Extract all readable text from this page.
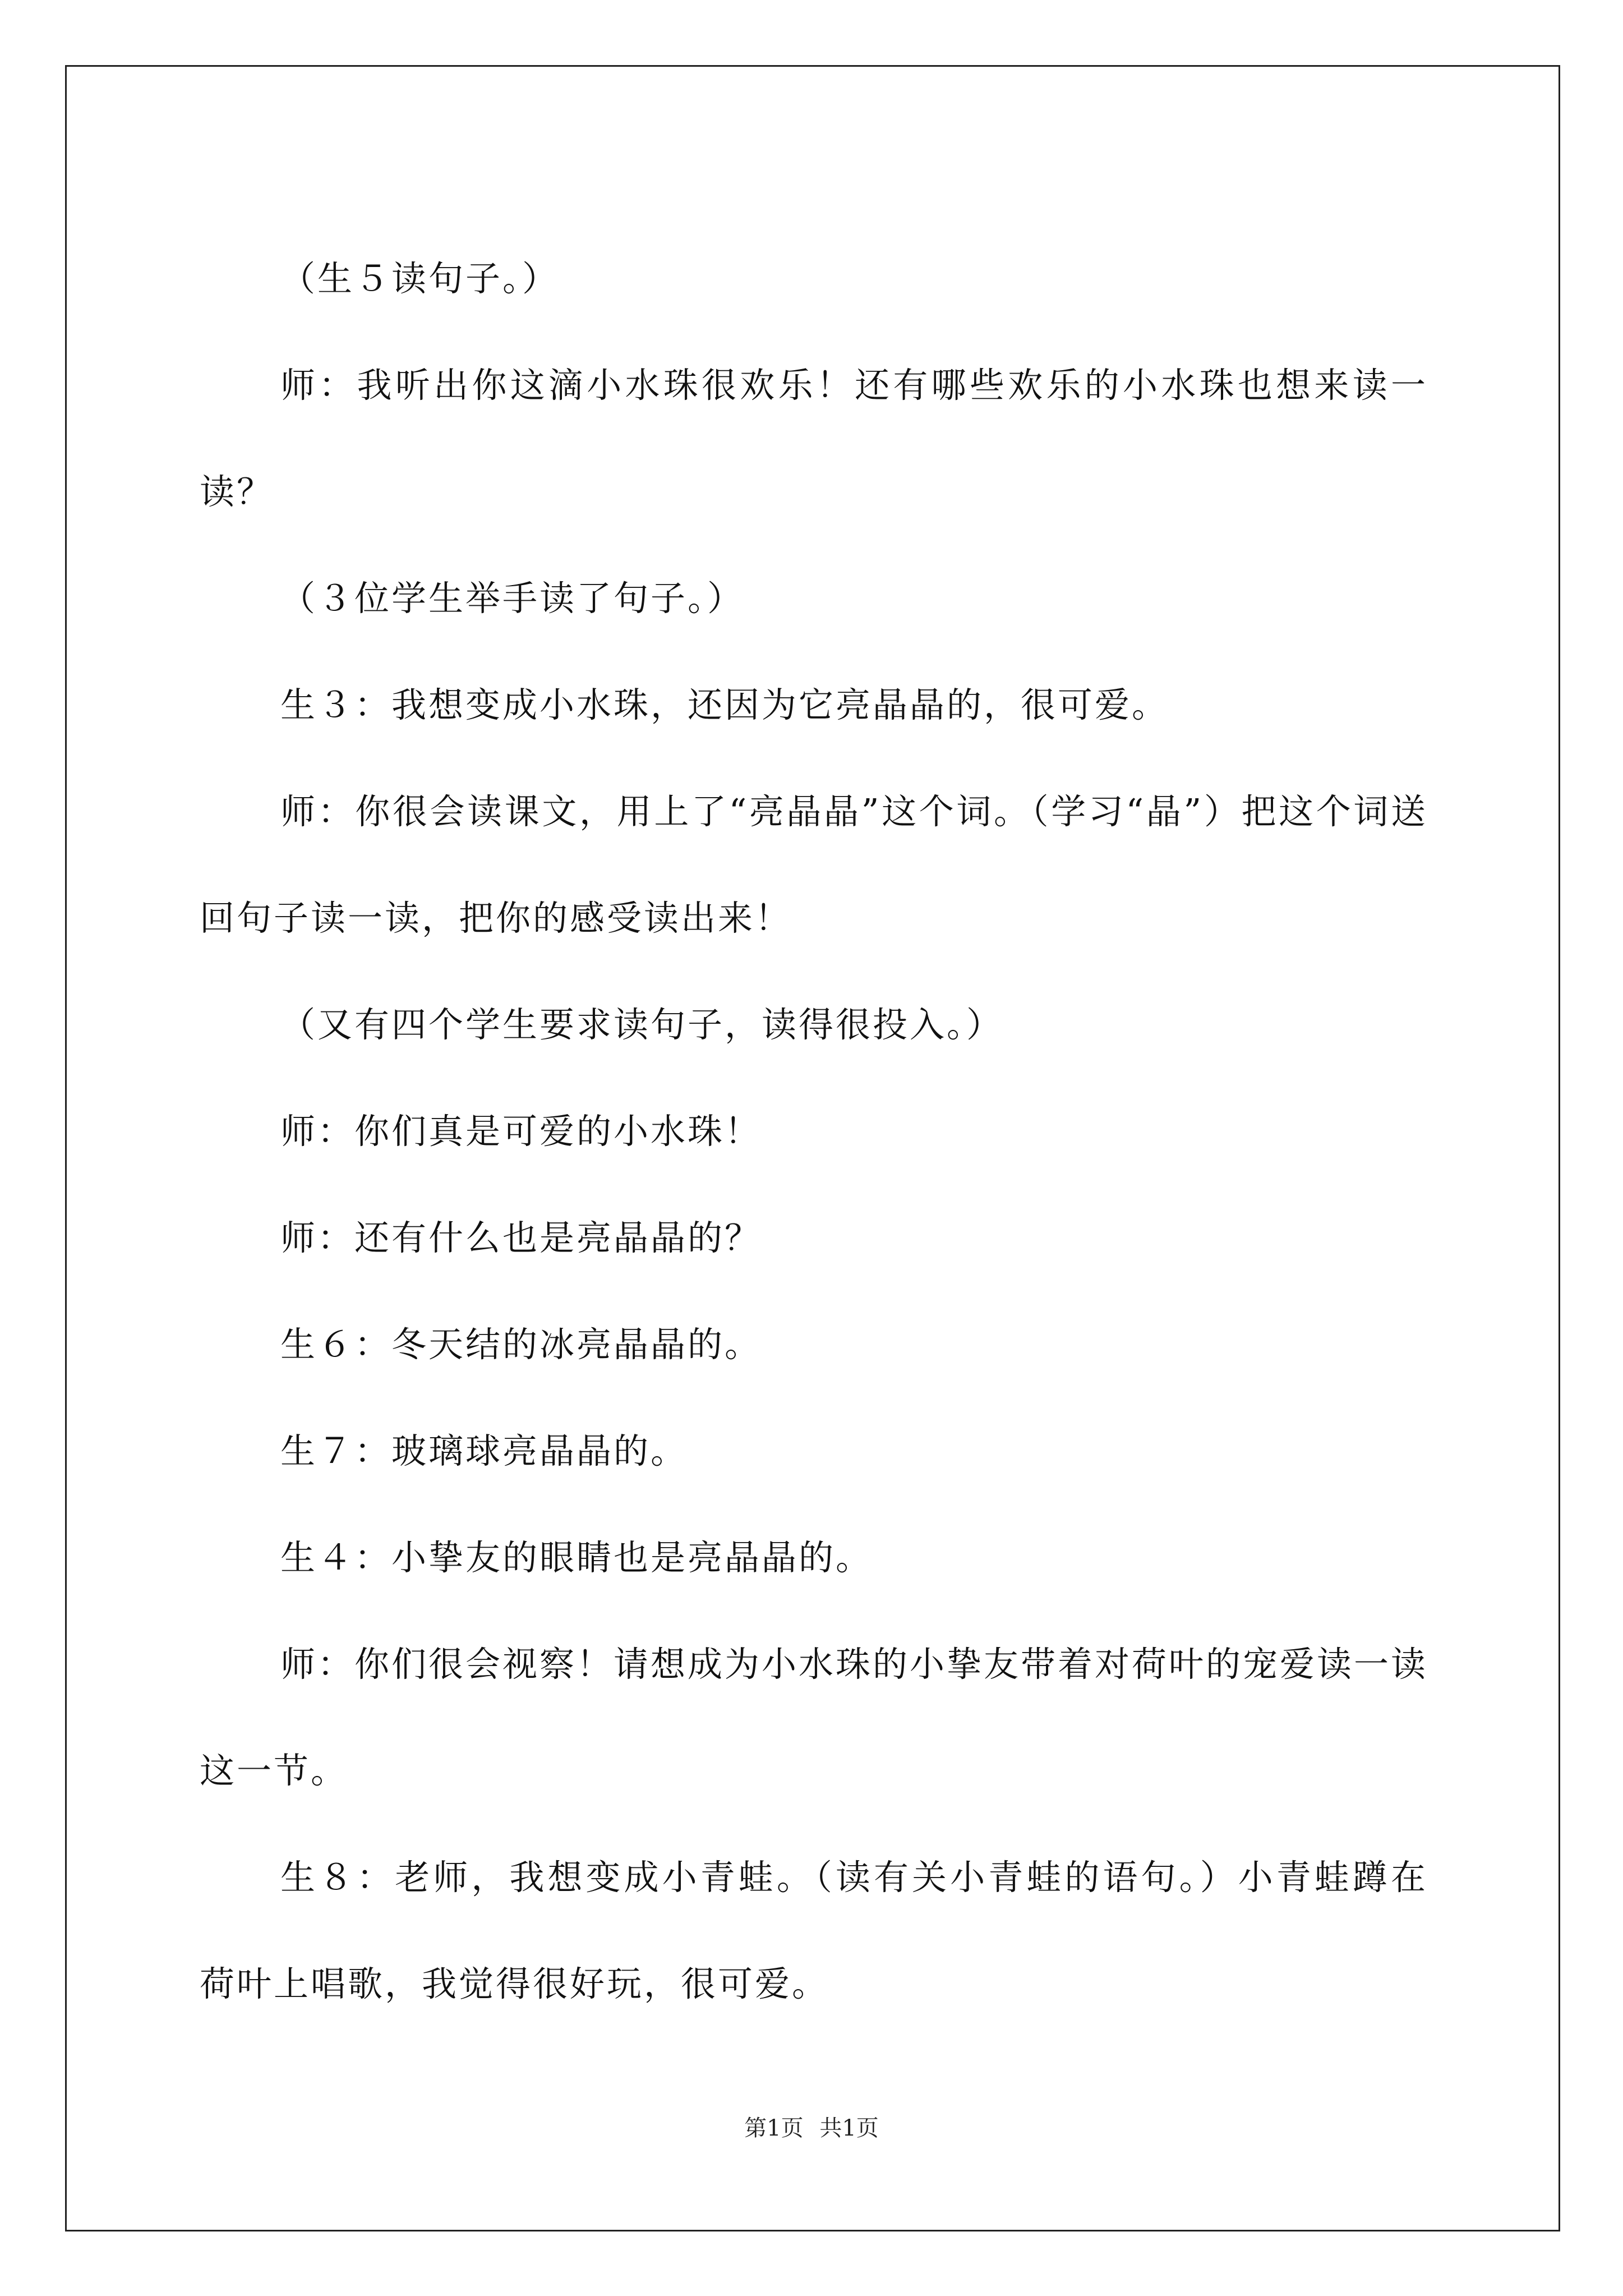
（生５读句子。）

师：我听出你这滴小水珠很欢乐！还有哪些欢乐的小水珠也想来读一读？

（３位学生举手读了句子。）

生３：我想变成小水珠，还因为它亮晶晶的，很可爱。

师：你很会读课文，用上了“亮晶晶”这个词。（学习“晶”）把这个词送回句子读一读，把你的感受读出来！

（又有四个学生要求读句子，读得很投入。）

师：你们真是可爱的小水珠！

师：还有什么也是亮晶晶的？

生６：冬天结的冰亮晶晶的。

生７：玻璃球亮晶晶的。

生４：小挚友的眼睛也是亮晶晶的。

师：你们很会视察！请想成为小水珠的小挚友带着对荷叶的宠爱读一读这一节。

生８：老师，我想变成小青蛙。（读有关小青蛙的语句。）小青蛙蹲在荷叶上唱歌，我觉得很好玩，很可爱。

第1页 共1页
